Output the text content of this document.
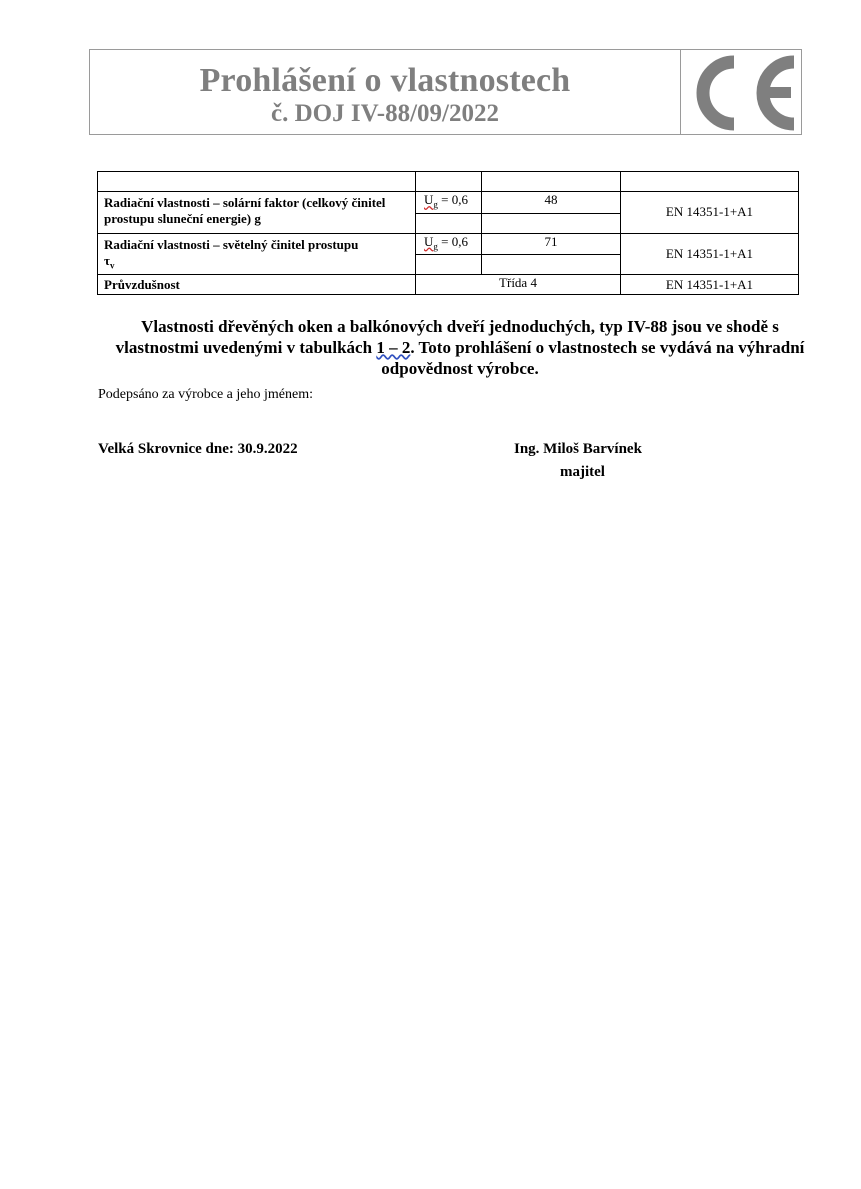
Prohlášení o vlastnostech
č. DOJ IV-88/09/2022

Radiační vlastnosti – solární faktor (celkový činitel prostupu sluneční energie) g	$U_g = 0,6$	48	EN 14351-1+A1

Radiační vlastnosti – světelný činitel prostupu
$\tau_v$	$U_g = 0,6$	71	EN 14351-1+A1

Průvzdušnost	Třída 4		EN 14351-1+A1
Vlastnosti dřevěných oken a balkónových dveří jednoduchých, typ IV-88 jsou ve shodě s vlastnostmi uvedenými v tabulkách 1 – 2. Toto prohlášení o vlastnostech se vydává na výhradní odpovědnost výrobce.
Podepsáno za výrobce a jeho jménem:
Velká Skrovnice dne: 30.9.2022	Ing. Miloš Barvínek
majitel
